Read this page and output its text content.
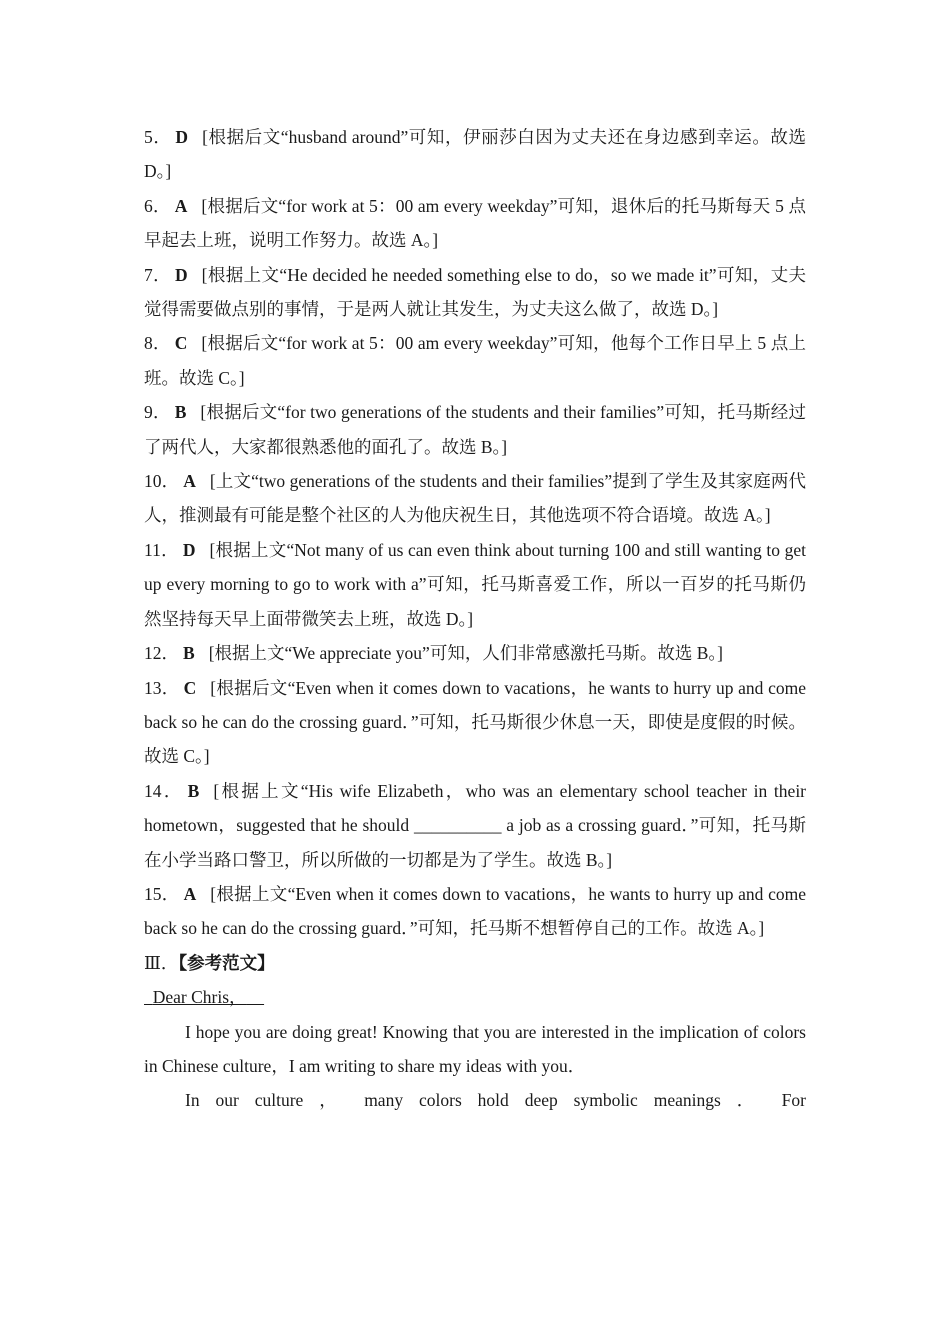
5． D [根据后文“husband around”可知，伊丽莎白因为丈夫还在身边感到幸运。故选 D。]

6． A [根据后文“for work at 5：00 am every weekday”可知，退休后的托马斯每天 5 点早起去上班，说明工作努力。故选 A。]

7． D [根据上文“He decided he needed something else to do，so we made it”可知，丈夫觉得需要做点别的事情，于是两人就让其发生，为丈夫这么做了，故选 D。]

8． C [根据后文“for work at 5：00 am every weekday”可知，他每个工作日早上 5 点上班。故选 C。]

9． B [根据后文“for two generations of the students and their families”可知，托马斯经过了两代人，大家都很熟悉他的面孔了。故选 B。]

10． A [上文“two generations of the students and their families”提到了学生及其家庭两代人，推测最有可能是整个社区的人为他庆祝生日，其他选项不符合语境。故选 A。]

11． D [根据上文“Not many of us can even think about turning 100 and still wanting to get up every morning to go to work with a”可知，托马斯喜爱工作，所以一百岁的托马斯仍然坚持每天早上面带微笑去上班，故选 D。]

12． B [根据上文“We appreciate you”可知，人们非常感激托马斯。故选 B。]

13． C [根据后文“Even when it comes down to vacations，he wants to hurry up and come back so he can do the crossing guard．”可知，托马斯很少休息一天，即使是度假的时候。故选 C。]

14． B [根据上文“His wife Elizabeth，who was an elementary school teacher in their hometown，suggested that he should __________ a job as a crossing guard．”可知，托马斯在小学当路口警卫，所以所做的一切都是为了学生。故选 B。]

15． A [根据上文“Even when it comes down to vacations，he wants to hurry up and come back so he can do the crossing guard．”可知，托马斯不想暂停自己的工作。故选 A。]

Ⅲ．【参考范文】

Dear Chris，

I hope you are doing great! Knowing that you are interested in the implication of colors in Chinese culture，I am writing to share my ideas with you．

In our culture ， many colors hold deep symbolic meanings ． For
